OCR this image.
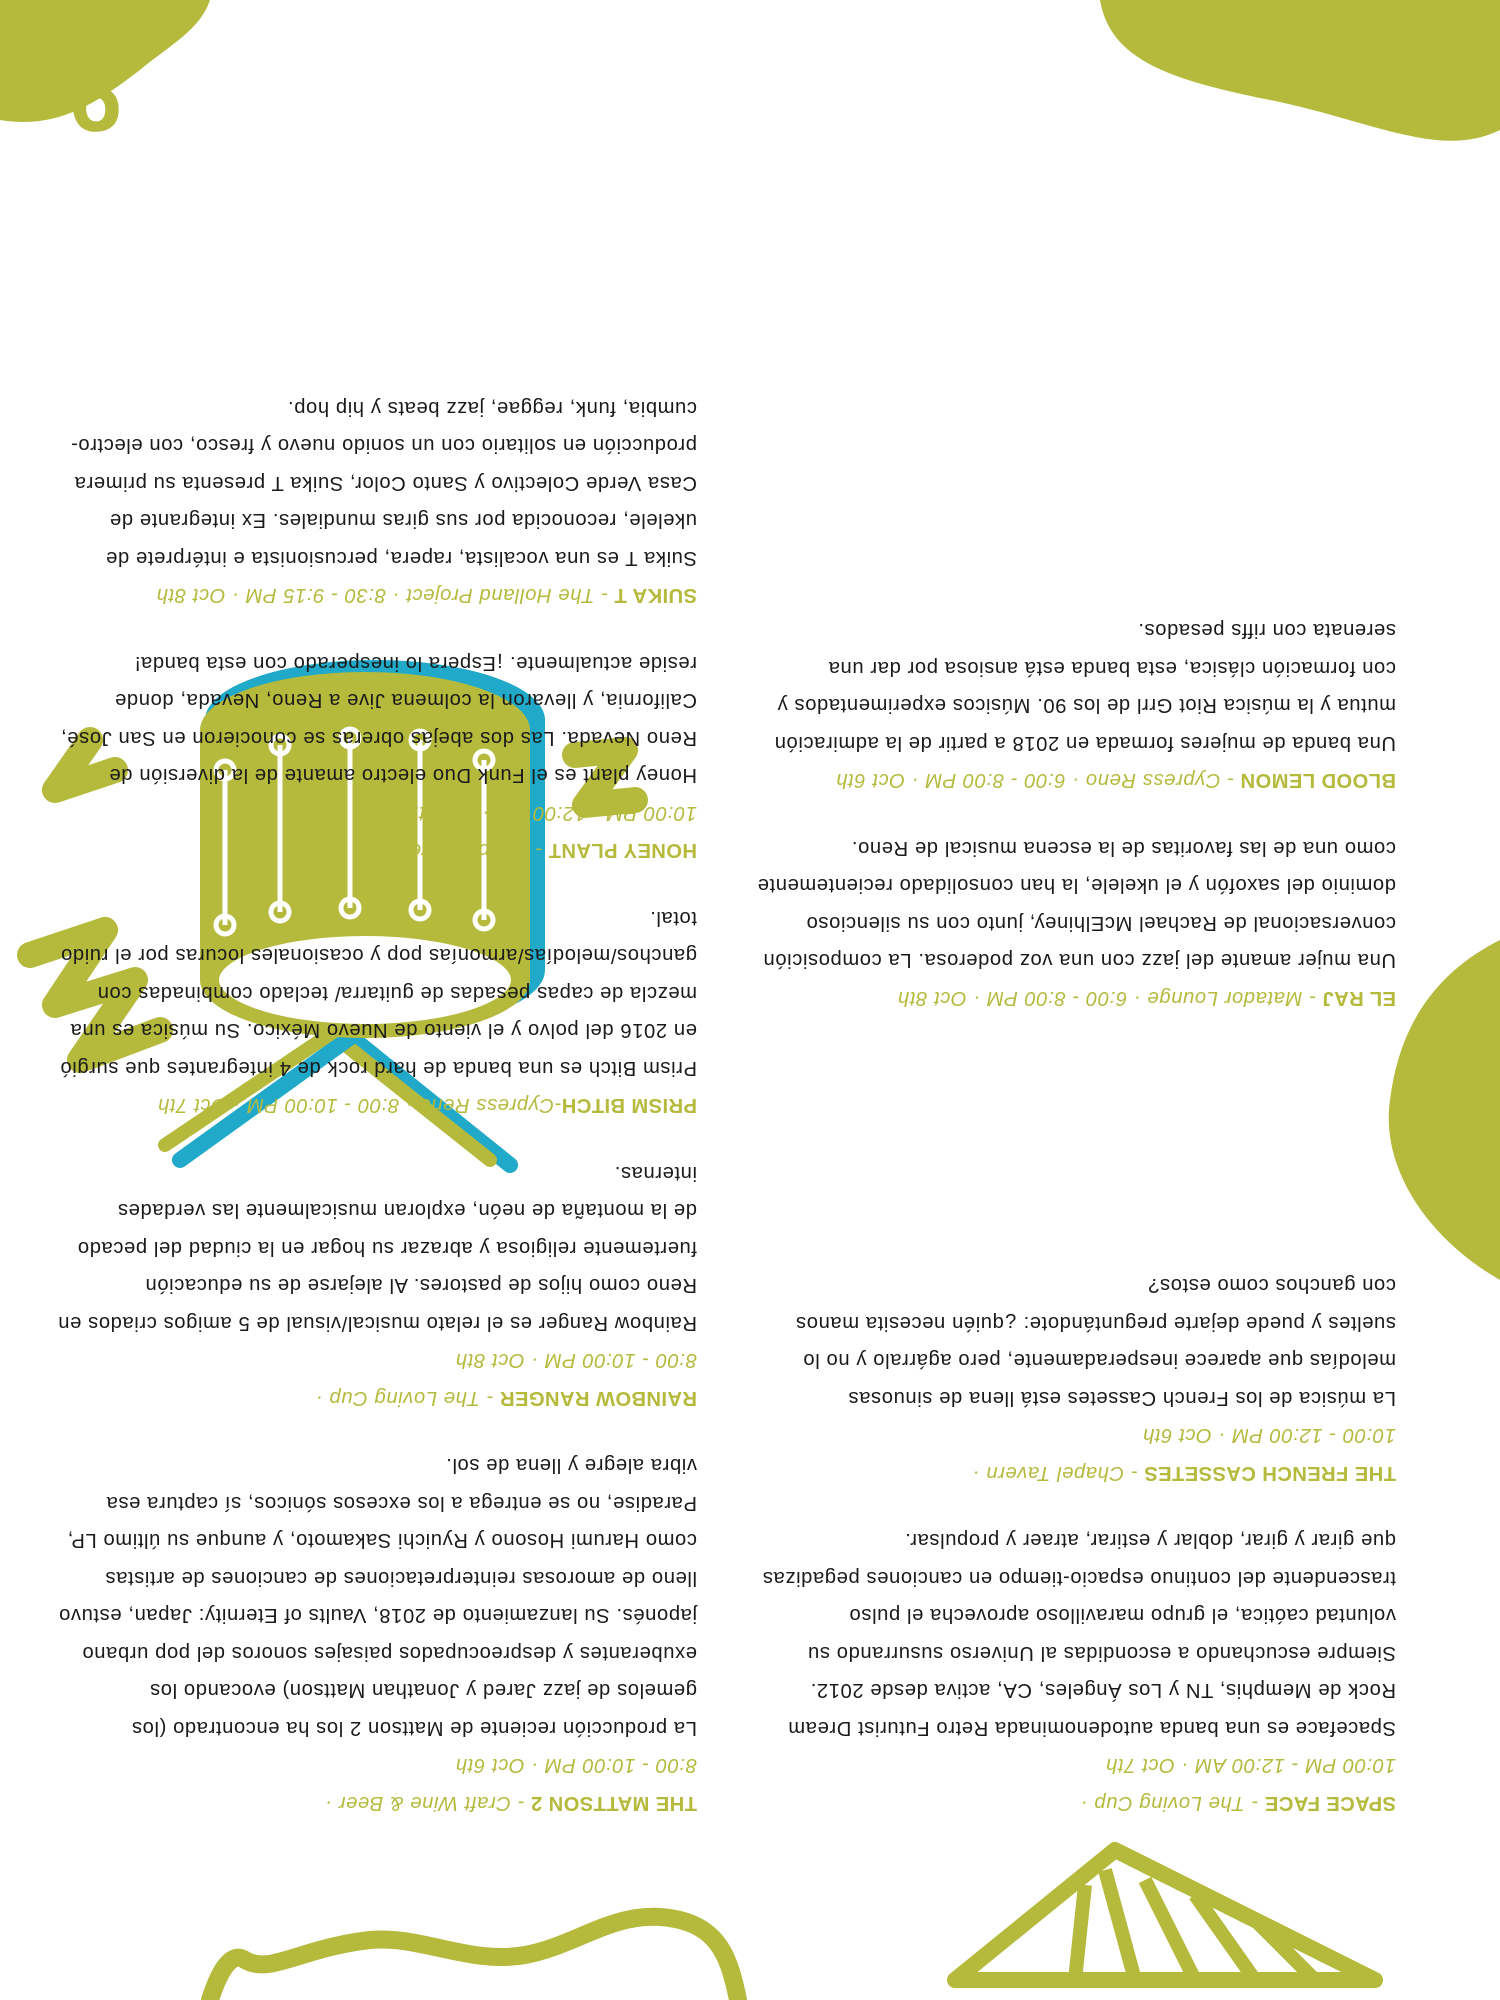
9

THE MATTSON 2 - Craft Wine & Beer ·

8:00 - 10:00 PM · Oct 6th

La producción reciente de Mattson 2 los ha encontrado (los gemelos de jazz Jared y Jonathan Mattson) evocando los exuberantes y despreocupados paisajes sonoros del pop urbano japonés. Su lanzamiento de 2018, Vaults of Eternity: Japan, estuvo lleno de amorosas reinterpretaciones de canciones de artistas como Harumi Hosono y Ryuichi Sakamoto, y aunque su último LP, Paradise, no se entrega a los excesos sónicos, sí captura esa vibra alegre y llena de sol.

RAINBOW RANGER - The Loving Cup ·

8:00 - 10:00 PM · Oct 8th

Rainbow Ranger es el relato musical/visual de 5 amigos criados en Reno como hijos de pastores. Al alejarse de su educación fuertemente religiosa y abrazar su hogar en la ciudad del pecado de la montaña de neón, exploran musicalmente las verdades internas.

PRISM BITCH-Cypress Reno · 8:00 - 10:00 PM · Oct 7th

Prism Bitch es una banda de hard rock de 4 integrantes que surgió en 2016 del polvo y el viento de Nuevo México. Su música es una mezcla de capas pesadas de guitarra/ teclado combinadas con ganchos/melodías/armonías pop y ocasionales locuras por el ruido total.

HONEY PLANT - Chapel Tavern ·

10:00 PM - 12:00 AM · Oct 7th

Honey plant es el Funk Duo electro amante de la diversión de Reno Nevada. Las dos abejas obreras se conocieron en San José, California, y llevaron la colmena Jive a Reno, Nevada, donde reside actualmente. ¡Espera lo inesperado con esta banda!

SUIKA T - The Holland Project · 8:30 - 9:15 PM · Oct 8th

Suika T es una vocalista, rapera, percusionista e intérprete de ukelele, reconocida por sus giras mundiales. Ex integrante de Casa Verde Colectivo y Santo Color, Suika T presenta su primera producción en solitario con un sonido nuevo y fresco, con electro-cumbia, funk, reggae, jazz beats y hip hop.

SPACE FACE - The Loving Cup ·

10:00 PM - 12:00 AM · Oct 7th

Spaceface es una banda autodenominada Retro Futurist Dream Rock de Memphis, TN y Los Ángeles, CA, activa desde 2012. Siempre escuchando a escondidas al Universo susurrando su voluntad caótica, el grupo maravilloso aprovecha el pulso trascendente del continuo espacio-tiempo en canciones pegadizas que girar y girar, doblar y estirar, atraer y propulsar.

THE FRENCH CASSETES - Chapel Tavern ·

10:00 - 12:00 PM · Oct 6th

La música de los French Cassetes está llena de sinuosas melodías que aparece inesperadamente, pero agárralo y no lo sueltes y puede dejarte preguntándote: ¿quién necesita manos con ganchos como estos?

EL RAJ - Matador Lounge · 6:00 - 8:00 PM · Oct 8th

Una mujer amante del jazz con una voz poderosa. La composición conversacional de Rachael McElhiney, junto con su silencioso dominio del saxofón y el ukelele, la han consolidado recientemente como una de las favoritas de la escena musical de Reno.

BLOOD LEMON - Cypress Reno · 6:00 - 8:00 PM · Oct 6th

Una banda de mujeres formada en 2018 a partir de la admiración mutua y la música Riot Grrl de los 90. Músicos experimentados y con formación clásica, esta banda está ansiosa por dar una serenata con riffs pesados.
